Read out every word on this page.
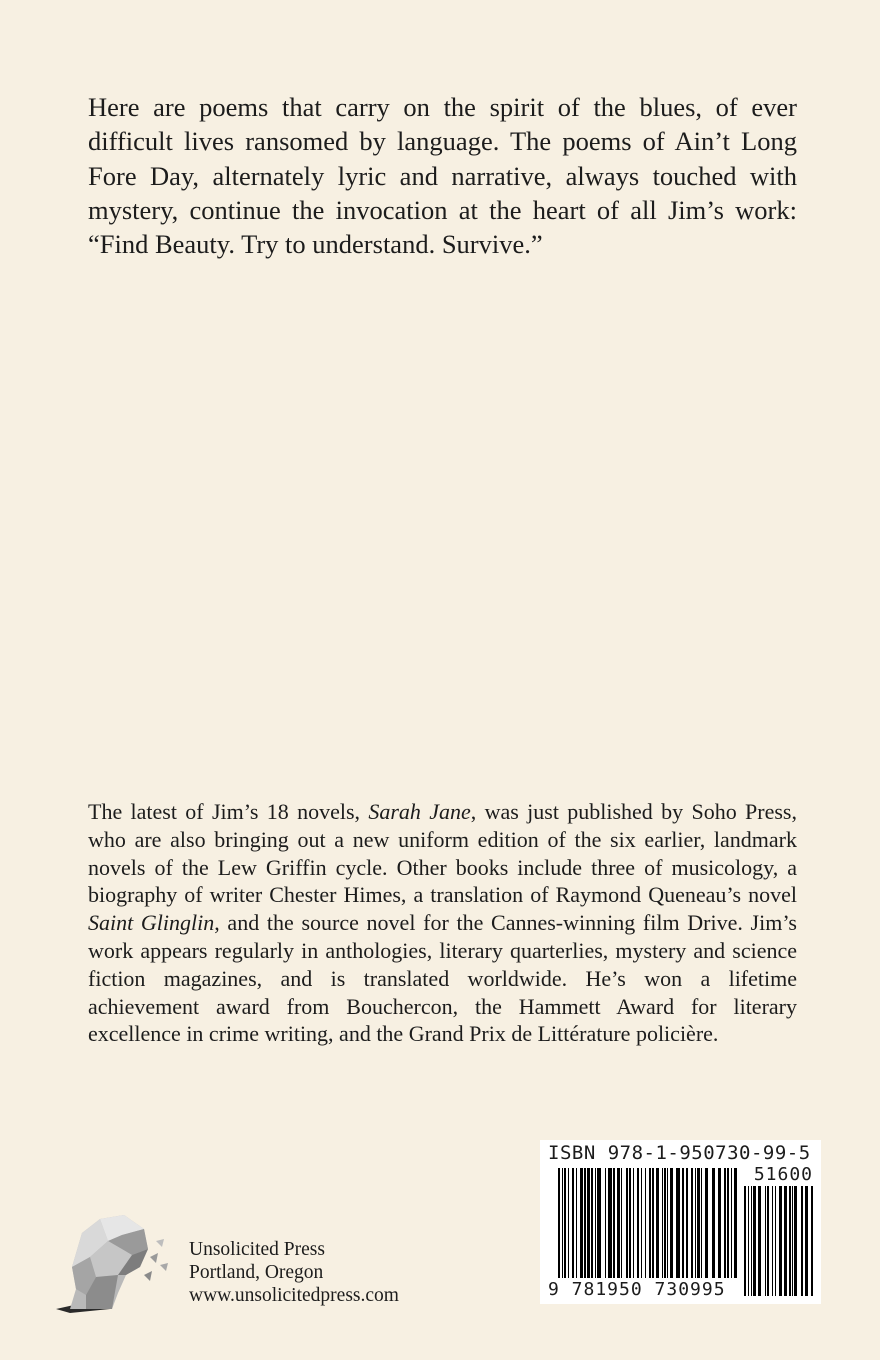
Here are poems that carry on the spirit of the blues, of ever difficult lives ransomed by language. The poems of Ain’t Long Fore Day, alternately lyric and narrative, always touched with mystery, continue the invocation at the heart of all Jim’s work: “Find Beauty. Try to understand. Survive.”

The latest of Jim’s 18 novels, Sarah Jane, was just published by Soho Press, who are also bringing out a new uniform edition of the six earlier, landmark novels of the Lew Griffin cycle. Other books include three of musicology, a biography of writer Chester Himes, a translation of Raymond Queneau’s novel Saint Glinglin, and the source novel for the Cannes-winning film Drive. Jim’s work appears regularly in anthologies, literary quarterlies, mystery and science fiction magazines, and is translated worldwide. He’s won a lifetime achievement award from Bouchercon, the Hammett Award for literary excellence in crime writing, and the Grand Prix de Littérature policière.

Unsolicited Press
Portland, Oregon
www.unsolicitedpress.com
ISBN 978-1-950730-99-5
51600
9 781950 730995
